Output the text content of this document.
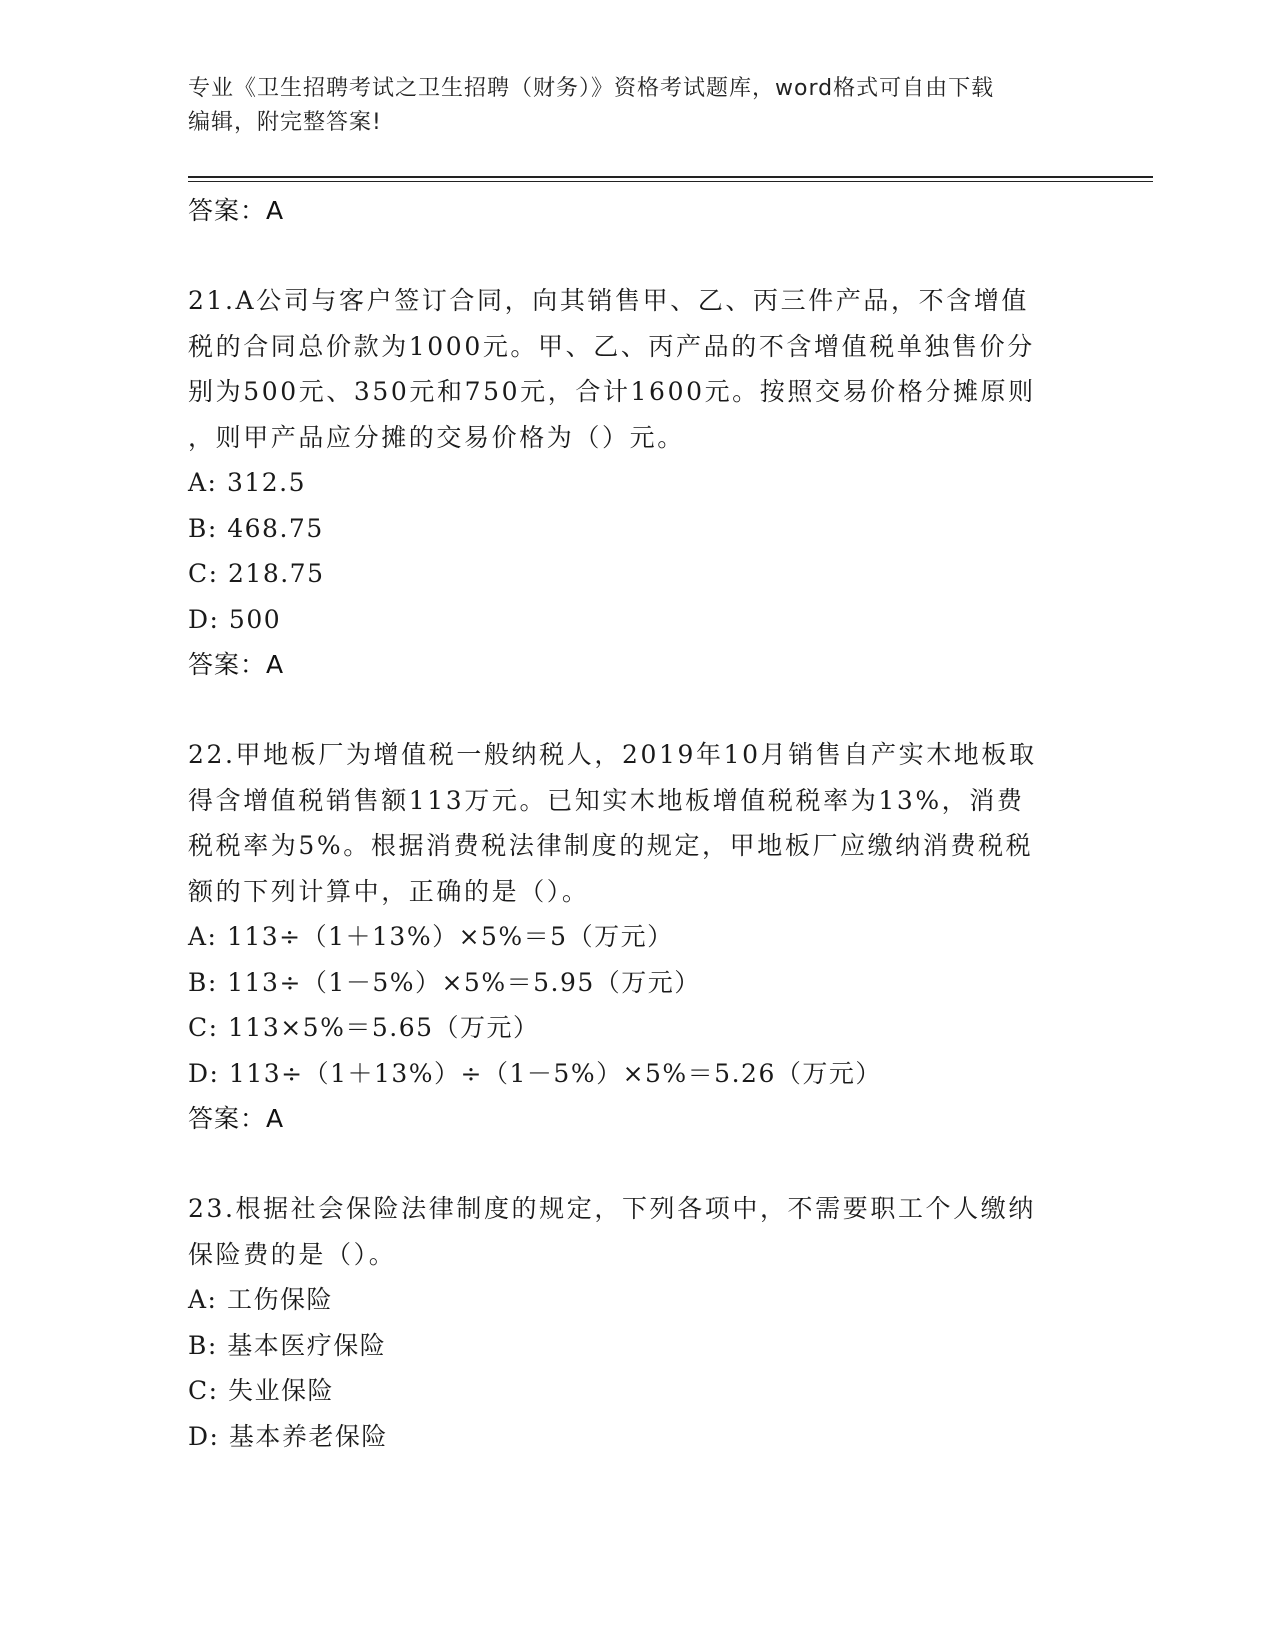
专业《卫生招聘考试之卫生招聘（财务）》资格考试题库，word格式可自由下载
编辑，附完整答案!
答案：A
21.A公司与客户签订合同，向其销售甲、乙、丙三件产品，不含增值
税的合同总价款为1000元。甲、乙、丙产品的不含增值税单独售价分
别为500元、350元和750元，合计1600元。按照交易价格分摊原则
，则甲产品应分摊的交易价格为（）元。
A: 312.5
B: 468.75
C: 218.75
D: 500
答案：A
22.甲地板厂为增值税一般纳税人，2019年10月销售自产实木地板取
得含增值税销售额113万元。已知实木地板增值税税率为13%，消费
税税率为5%。根据消费税法律制度的规定，甲地板厂应缴纳消费税税
额的下列计算中，正确的是（）。
A: 113÷（1＋13%）×5%＝5（万元）
B: 113÷（1－5%）×5%＝5.95（万元）
C: 113×5%＝5.65（万元）
D: 113÷（1＋13%）÷（1－5%）×5%＝5.26（万元）
答案：A
23.根据社会保险法律制度的规定，下列各项中，不需要职工个人缴纳
保险费的是（）。
A: 工伤保险
B: 基本医疗保险
C: 失业保险
D: 基本养老保险
